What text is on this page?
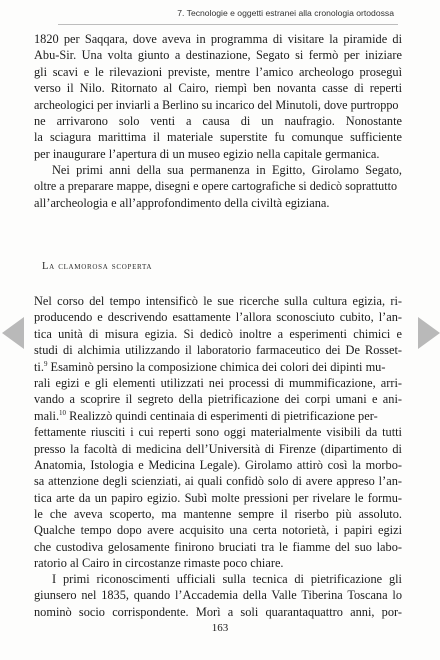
7. Tecnologie e oggetti estranei alla cronologia ortodossa
1820 per Saqqara, dove aveva in programma di visitare la piramide di
Abu-Sir. Una volta giunto a destinazione, Segato si fermò per iniziare
gli scavi e le rilevazioni previste, mentre l’amico archeologo proseguì
verso il Nilo. Ritornato al Cairo, riempì ben novanta casse di reperti
archeologici per inviarli a Berlino su incarico del Minutoli, dove purtroppo
ne arrivarono solo venti a causa di un naufragio. Nonostante
la sciagura marittima il materiale superstite fu comunque sufficiente
per inaugurare l’apertura di un museo egizio nella capitale germanica.
Nei primi anni della sua permanenza in Egitto, Girolamo Segato,
oltre a preparare mappe, disegni e opere cartografiche si dedicò soprattutto
all’archeologia e all’approfondimento della civiltà egiziana.
La clamorosa scoperta
Nel corso del tempo intensificò le sue ricerche sulla cultura egizia, ri-
producendo e descrivendo esattamente l’allora sconosciuto cubito, l’an-
tica unità di misura egizia. Si dedicò inoltre a esperimenti chimici e
studi di alchimia utilizzando il laboratorio farmaceutico dei De Rosset-
ti.$^9$ Esaminò persino la composizione chimica dei colori dei dipinti mu-
rali egizi e gli elementi utilizzati nei processi di mummificazione, arri-
vando a scoprire il segreto della pietrificazione dei corpi umani e ani-
mali.$^{10}$ Realizzò quindi centinaia di esperimenti di pietrificazione per-
fettamente riusciti i cui reperti sono oggi materialmente visibili da tutti
presso la facoltà di medicina dell’Università di Firenze (dipartimento di
Anatomia, Istologia e Medicina Legale). Girolamo attirò così la morbo-
sa attenzione degli scienziati, ai quali confidò solo di avere appreso l’an-
tica arte da un papiro egizio. Subì molte pressioni per rivelare le formu-
le che aveva scoperto, ma mantenne sempre il riserbo più assoluto.
Qualche tempo dopo avere acquisito una certa notorietà, i papiri egizi
che custodiva gelosamente finirono bruciati tra le fiamme del suo labo-
ratorio al Cairo in circostanze rimaste poco chiare.
I primi riconoscimenti ufficiali sulla tecnica di pietrificazione gli
giunsero nel 1835, quando l’Accademia della Valle Tiberina Toscana lo
nominò socio corrispondente. Morì a soli quarantaquattro anni, por-
163
